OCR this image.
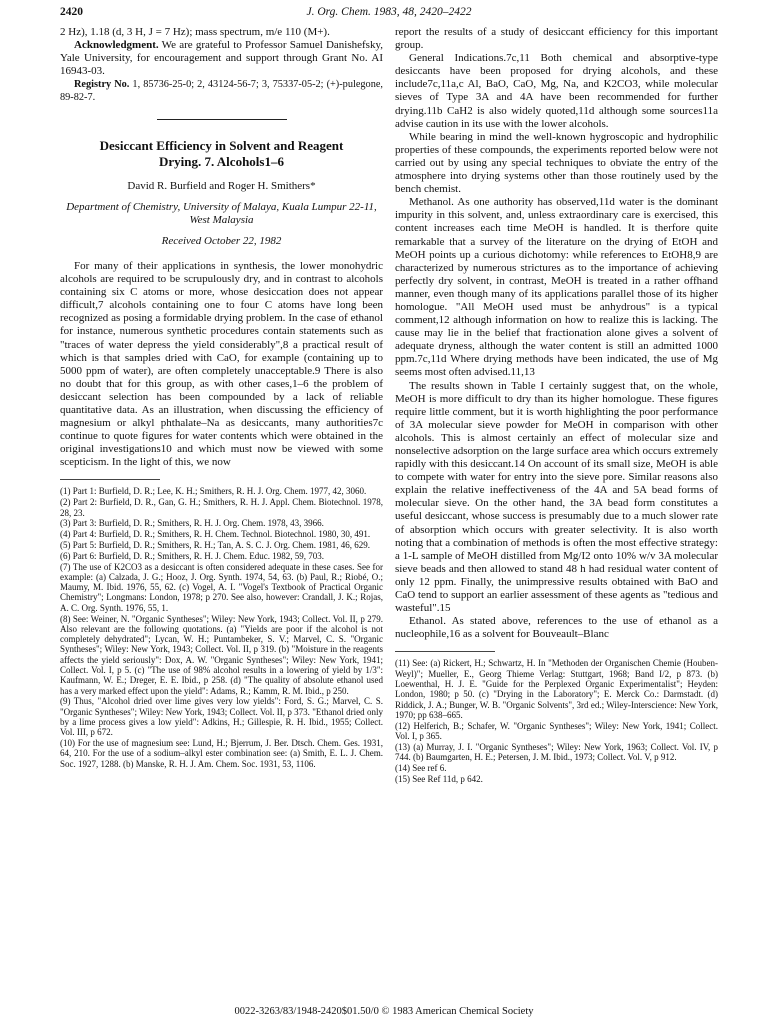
2420	J. Org. Chem. 1983, 48, 2420–2422

2 Hz), 1.18 (d, 3 H, J = 7 Hz); mass spectrum, m/e 110 (M+).

Acknowledgment. We are grateful to Professor Samuel Danishefsky, Yale University, for encouragement and support through Grant No. AI 16943-03.

Registry No. 1, 85736-25-0; 2, 43124-56-7; 3, 75337-05-2; (+)-pulegone, 89-82-7.

Desiccant Efficiency in Solvent and Reagent Drying. 7. Alcohols1–6
David R. Burfield and Roger H. Smithers*
Department of Chemistry, University of Malaya, Kuala Lumpur 22-11, West Malaysia
Received October 22, 1982

For many of their applications in synthesis, the lower monohydric alcohols are required to be scrupulously dry, and in contrast to alcohols containing six C atoms or more, whose desiccation does not appear difficult,7 alcohols containing one to four C atoms have long been recognized as posing a formidable drying problem. In the case of ethanol for instance, numerous synthetic procedures contain statements such as "traces of water depress the yield considerably",8 a practical result of which is that samples dried with CaO, for example (containing up to 5000 ppm of water), are often completely unacceptable.9 There is also no doubt that for this group, as with other cases,1–6 the problem of desiccant selection has been compounded by a lack of reliable quantitative data. As an illustration, when discussing the efficiency of magnesium or alkyl phthalate–Na as desiccants, many authorities7c continue to quote figures for water contents which were obtained in the original investigations10 and which must now be viewed with some scepticism. In the light of this, we now

(1) Part 1: Burfield, D. R.; Lee, K. H.; Smithers, R. H. J. Org. Chem. 1977, 42, 3060.
(2) Part 2: Burfield, D. R., Gan, G. H.; Smithers, R. H. J. Appl. Chem. Biotechnol. 1978, 28, 23.
(3) Part 3: Burfield, D. R.; Smithers, R. H. J. Org. Chem. 1978, 43, 3966.
(4) Part 4: Burfield, D. R.; Smithers, R. H. Chem. Technol. Biotechnol. 1980, 30, 491.
(5) Part 5: Burfield, D. R.; Smithers, R. H.; Tan, A. S. C. J. Org. Chem. 1981, 46, 629.
(6) Part 6: Burfield, D. R.; Smithers, R. H. J. Chem. Educ. 1982, 59, 703.
(7) The use of K2CO3 as a desiccant is often considered adequate in these cases. See for example: (a) Calzada, J. G.; Hooz, J. Org. Synth. 1974, 54, 63. (b) Paul, R.; Riobé, O.; Maumy, M. Ibid. 1976, 55, 62. (c) Vogel, A. I. "Vogel's Textbook of Practical Organic Chemistry"; Longmans: London, 1978; p 270. See also, however: Crandall, J. K.; Rojas, A. C. Org. Synth. 1976, 55, 1.
(8) See: Weiner, N. "Organic Syntheses"; Wiley: New York, 1943; Collect. Vol. II, p 279. Also relevant are the following quotations. (a) "Yields are poor if the alcohol is not completely dehydrated"; Lycan, W. H.; Puntambeker, S. V.; Marvel, C. S. "Organic Syntheses"; Wiley: New York, 1943; Collect. Vol. II, p 319. (b) "Moisture in the reagents affects the yield seriously": Dox, A. W. "Organic Syntheses"; Wiley: New York, 1941; Collect. Vol. I, p 5. (c) "The use of 98% alcohol results in a lowering of yield by 1/3": Kaufmann, W. E.; Dreger, E. E. Ibid., p 258. (d) "The quality of absolute ethanol used has a very marked effect upon the yield": Adams, R.; Kamm, R. M. Ibid., p 250.
(9) Thus, "Alcohol dried over lime gives very low yields": Ford, S. G.; Marvel, C. S. "Organic Syntheses"; Wiley: New York, 1943; Collect. Vol. II, p 373. "Ethanol dried only by a lime process gives a low yield": Adkins, H.; Gillespie, R. H. Ibid., 1955; Collect. Vol. III, p 672.
(10) For the use of magnesium see: Lund, H.; Bjerrum, J. Ber. Dtsch. Chem. Ges. 1931, 64, 210. For the use of a sodium–alkyl ester combination see: (a) Smith, E. L. J. Chem. Soc. 1927, 1288. (b) Manske, R. H. J. Am. Chem. Soc. 1931, 53, 1106.

report the results of a study of desiccant efficiency for this important group.

General Indications.7c,11 Both chemical and absorptive-type desiccants have been proposed for drying alcohols, and these include7c,11a,c Al, BaO, CaO, Mg, Na, and K2CO3, while molecular sieves of Type 3A and 4A have been recommended for further drying.11b CaH2 is also widely quoted,11d although some sources11a advise caution in its use with the lower alcohols.

While bearing in mind the well-known hygroscopic and hydrophilic properties of these compounds, the experiments reported below were not carried out by using any special techniques to obviate the entry of the atmosphere into drying systems other than those routinely used by the bench chemist.

Methanol. As one authority has observed,11d water is the dominant impurity in this solvent, and, unless extraordinary care is exercised, this content increases each time MeOH is handled. It is therfore quite remarkable that a survey of the literature on the drying of EtOH and MeOH points up a curious dichotomy: while references to EtOH8,9 are characterized by numerous strictures as to the importance of achieving perfectly dry solvent, in contrast, MeOH is treated in a rather offhand manner, even though many of its applications parallel those of its higher homologue. "All MeOH used must be anhydrous" is a typical comment,12 although information on how to realize this is lacking. The cause may lie in the belief that fractionation alone gives a solvent of adequate dryness, although the water content is still an admitted 1000 ppm.7c,11d Where drying methods have been indicated, the use of Mg seems most often advised.11,13

The results shown in Table I certainly suggest that, on the whole, MeOH is more difficult to dry than its higher homologue. These figures require little comment, but it is worth highlighting the poor performance of 3A molecular sieve powder for MeOH in comparison with other alcohols. This is almost certainly an effect of molecular size and nonselective adsorption on the large surface area which occurs extremely rapidly with this desiccant.14 On account of its small size, MeOH is able to compete with water for entry into the sieve pore. Similar reasons also explain the relative ineffectiveness of the 4A and 5A bead forms of molecular sieve. On the other hand, the 3A bead form constitutes a useful desiccant, whose success is presumably due to a much slower rate of absorption which occurs with greater selectivity. It is also worth noting that a combination of methods is often the most effective strategy: a 1-L sample of MeOH distilled from Mg/I2 onto 10% w/v 3A molecular sieve beads and then allowed to stand 48 h had residual water content of only 12 ppm. Finally, the unimpressive results obtained with BaO and CaO tend to support an earlier assessment of these agents as "tedious and wasteful".15

Ethanol. As stated above, references to the use of ethanol as a nucleophile,16 as a solvent for Bouveault–Blanc

(11) See: (a) Rickert, H.; Schwartz, H. In "Methoden der Organischen Chemie (Houben-Weyl)"; Mueller, E., Georg Thieme Verlag: Stuttgart, 1968; Band I/2, p 873. (b) Loewenthal, H. J. E. "Guide for the Perplexed Organic Experimentalist"; Heyden: London, 1980; p 50. (c) "Drying in the Laboratory"; E. Merck Co.: Darmstadt. (d) Riddick, J. A.; Bunger, W. B. "Organic Solvents", 3rd ed.; Wiley-Interscience: New York, 1970; pp 638–665.
(12) Helferich, B.; Schafer, W. "Organic Syntheses"; Wiley: New York, 1941; Collect. Vol. I, p 365.
(13) (a) Murray, J. I. "Organic Syntheses"; Wiley: New York, 1963; Collect. Vol. IV, p 744. (b) Baumgarten, H. E.; Petersen, J. M. Ibid., 1973; Collect. Vol. V, p 912.
(14) See ref 6.
(15) See Ref 11d, p 642.
0022-3263/83/1948-2420$01.50/0 © 1983 American Chemical Society
